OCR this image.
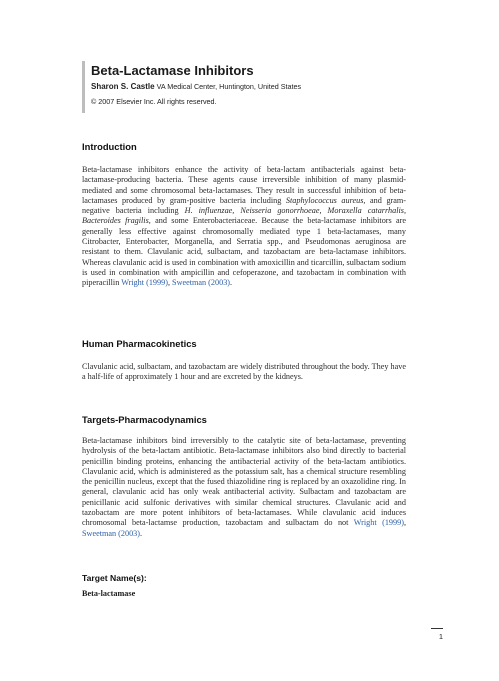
Beta-Lactamase Inhibitors
Sharon S. Castle VA Medical Center, Huntington, United States
© 2007 Elsevier Inc. All rights reserved.
Introduction

Beta-lactamase inhibitors enhance the activity of beta-lactam antibacterials against beta-lactamase-producing bacteria. These agents cause irreversible inhibition of many plasmid-mediated and some chromosomal beta-lactamases. They result in successful inhibition of beta-lactamases produced by gram-positive bacteria including Staphylococcus aureus, and gram-negative bacteria including H. influenzae, Neisseria gonorrhoeae, Moraxella catarrhalis, Bacteroides fragilis, and some Enterobacteriaceae. Because the beta-lactamase inhibitors are generally less effective against chromosomally mediated type 1 beta-lactamases, many Citrobacter, Enterobacter, Morganella, and Serratia spp., and Pseudomonas aeruginosa are resistant to them. Clavulanic acid, sulbactam, and tazobactam are beta-lactamase inhibitors. Whereas clavulanic acid is used in combination with amoxicillin and ticarcillin, sulbactam sodium is used in combination with ampicillin and cefoperazone, and tazobactam in combination with piperacillin Wright (1999), Sweetman (2003).

Human Pharmacokinetics

Clavulanic acid, sulbactam, and tazobactam are widely distributed throughout the body. They have a half-life of approximately 1 hour and are excreted by the kidneys.

Targets-Pharmacodynamics

Beta-lactamase inhibitors bind irreversibly to the catalytic site of beta-lactamase, preventing hydrolysis of the beta-lactam antibiotic. Beta-lactamase inhibitors also bind directly to bacterial penicillin binding proteins, enhancing the antibacterial activity of the beta-lactam antibiotics. Clavulanic acid, which is administered as the potassium salt, has a chemical structure resembling the penicillin nucleus, except that the fused thiazolidine ring is replaced by an oxazolidine ring. In general, clavulanic acid has only weak antibacterial activity. Sulbactam and tazobactam are penicillanic acid sulfonic derivatives with similar chemical structures. Clavulanic acid and tazobactam are more potent inhibitors of beta-lactamases. While clavulanic acid induces chromosomal beta-lactamse production, tazobactam and sulbactam do not Wright (1999), Sweetman (2003).

Target Name(s):
Beta-lactamase
1
